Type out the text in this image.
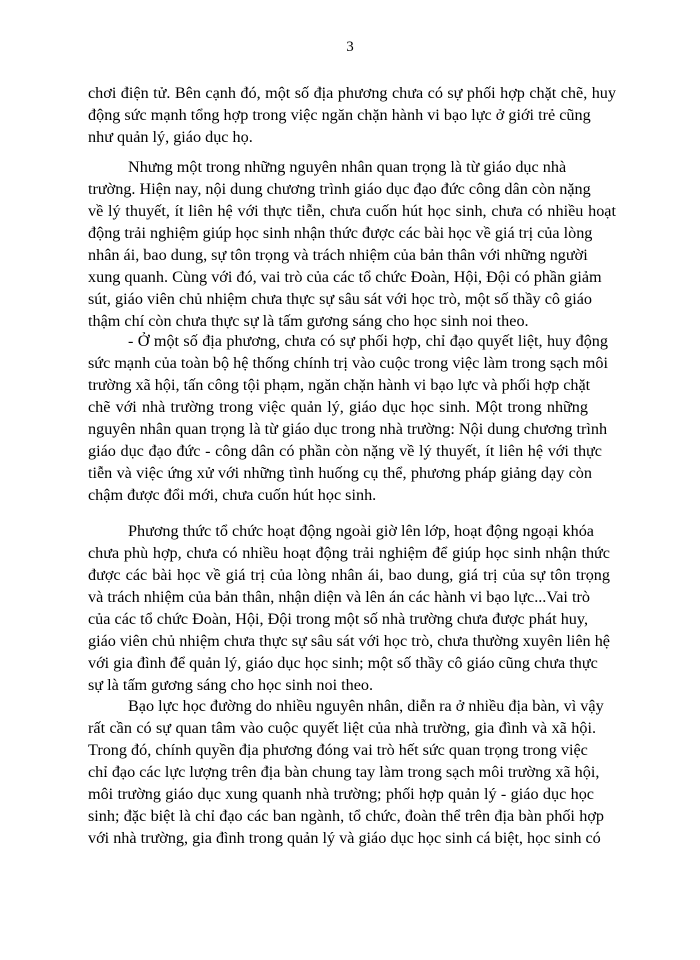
3
chơi điện tử. Bên cạnh đó, một số địa phương chưa có sự phối hợp chặt chẽ, huy
động sức mạnh tổng hợp trong việc ngăn chặn hành vi bạo lực ở giới trẻ cũng
như quản lý, giáo dục họ.
Nhưng một trong những nguyên nhân quan trọng là từ giáo dục nhà
trường. Hiện nay, nội dung chương trình giáo dục đạo đức công dân còn nặng
về lý thuyết, ít liên hệ với thực tiễn, chưa cuốn hút học sinh, chưa có nhiều hoạt
động trải nghiệm giúp học sinh nhận thức được các bài học về giá trị của lòng
nhân ái, bao dung, sự tôn trọng và trách nhiệm của bản thân với những người
xung quanh. Cùng với đó, vai trò của các tổ chức Đoàn, Hội, Đội có phần giảm
sút, giáo viên chủ nhiệm chưa thực sự sâu sát với học trò, một số thầy cô giáo
thậm chí còn chưa thực sự là tấm gương sáng cho học sinh noi theo.
- Ở một số địa phương, chưa có sự phối hợp, chỉ đạo quyết liệt, huy động
sức mạnh của toàn bộ hệ thống chính trị vào cuộc trong việc làm trong sạch môi
trường xã hội, tấn công tội phạm, ngăn chặn hành vi bạo lực và phối hợp chặt
chẽ với nhà trường trong việc quản lý, giáo dục học sinh. Một trong những
nguyên nhân quan trọng là từ giáo dục trong nhà trường: Nội dung chương trình
giáo dục đạo đức - công dân có phần còn nặng về lý thuyết, ít liên hệ với thực
tiễn và việc ứng xử với những tình huống cụ thể, phương pháp giảng dạy còn
chậm được đổi mới, chưa cuốn hút học sinh.
Phương thức tổ chức hoạt động ngoài giờ lên lớp, hoạt động ngoại khóa
chưa phù hợp, chưa có nhiều hoạt động trải nghiệm để giúp học sinh nhận thức
được các bài học về giá trị của lòng nhân ái, bao dung, giá trị của sự tôn trọng
và trách nhiệm của bản thân, nhận diện và lên án các hành vi bạo lực...Vai trò
của các tổ chức Đoàn, Hội, Đội trong một số nhà trường chưa được phát huy,
giáo viên chủ nhiệm chưa thực sự sâu sát với học trò, chưa thường xuyên liên hệ
với gia đình để quản lý, giáo dục học sinh; một số thầy cô giáo cũng chưa thực
sự là tấm gương sáng cho học sinh noi theo.
Bạo lực học đường do nhiều nguyên nhân, diễn ra ở nhiều địa bàn, vì vậy
rất cần có sự quan tâm vào cuộc quyết liệt của nhà trường, gia đình và xã hội.
Trong đó, chính quyền địa phương đóng vai trò hết sức quan trọng trong việc
chỉ đạo các lực lượng trên địa bàn chung tay làm trong sạch môi trường xã hội,
môi trường giáo dục xung quanh nhà trường; phối hợp quản lý - giáo dục học
sinh; đặc biệt là chỉ đạo các ban ngành, tổ chức, đoàn thể trên địa bàn phối hợp
với nhà trường, gia đình trong quản lý và giáo dục học sinh cá biệt, học sinh có
